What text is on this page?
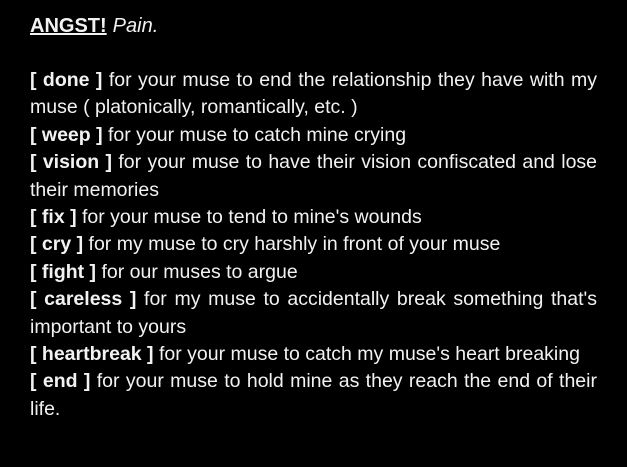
ANGST! Pain.

[ done ] for your muse to end the relationship they have with my muse ( platonically, romantically, etc. )

[ weep ] for your muse to catch mine crying

[ vision ] for your muse to have their vision confiscated and lose their memories

[ fix ] for your muse to tend to mine's wounds

[ cry ] for my muse to cry harshly in front of your muse

[ fight ] for our muses to argue

[ careless ] for my muse to accidentally break something that's important to yours

[ heartbreak ] for your muse to catch my muse's heart breaking

[ end ] for your muse to hold mine as they reach the end of their life.
